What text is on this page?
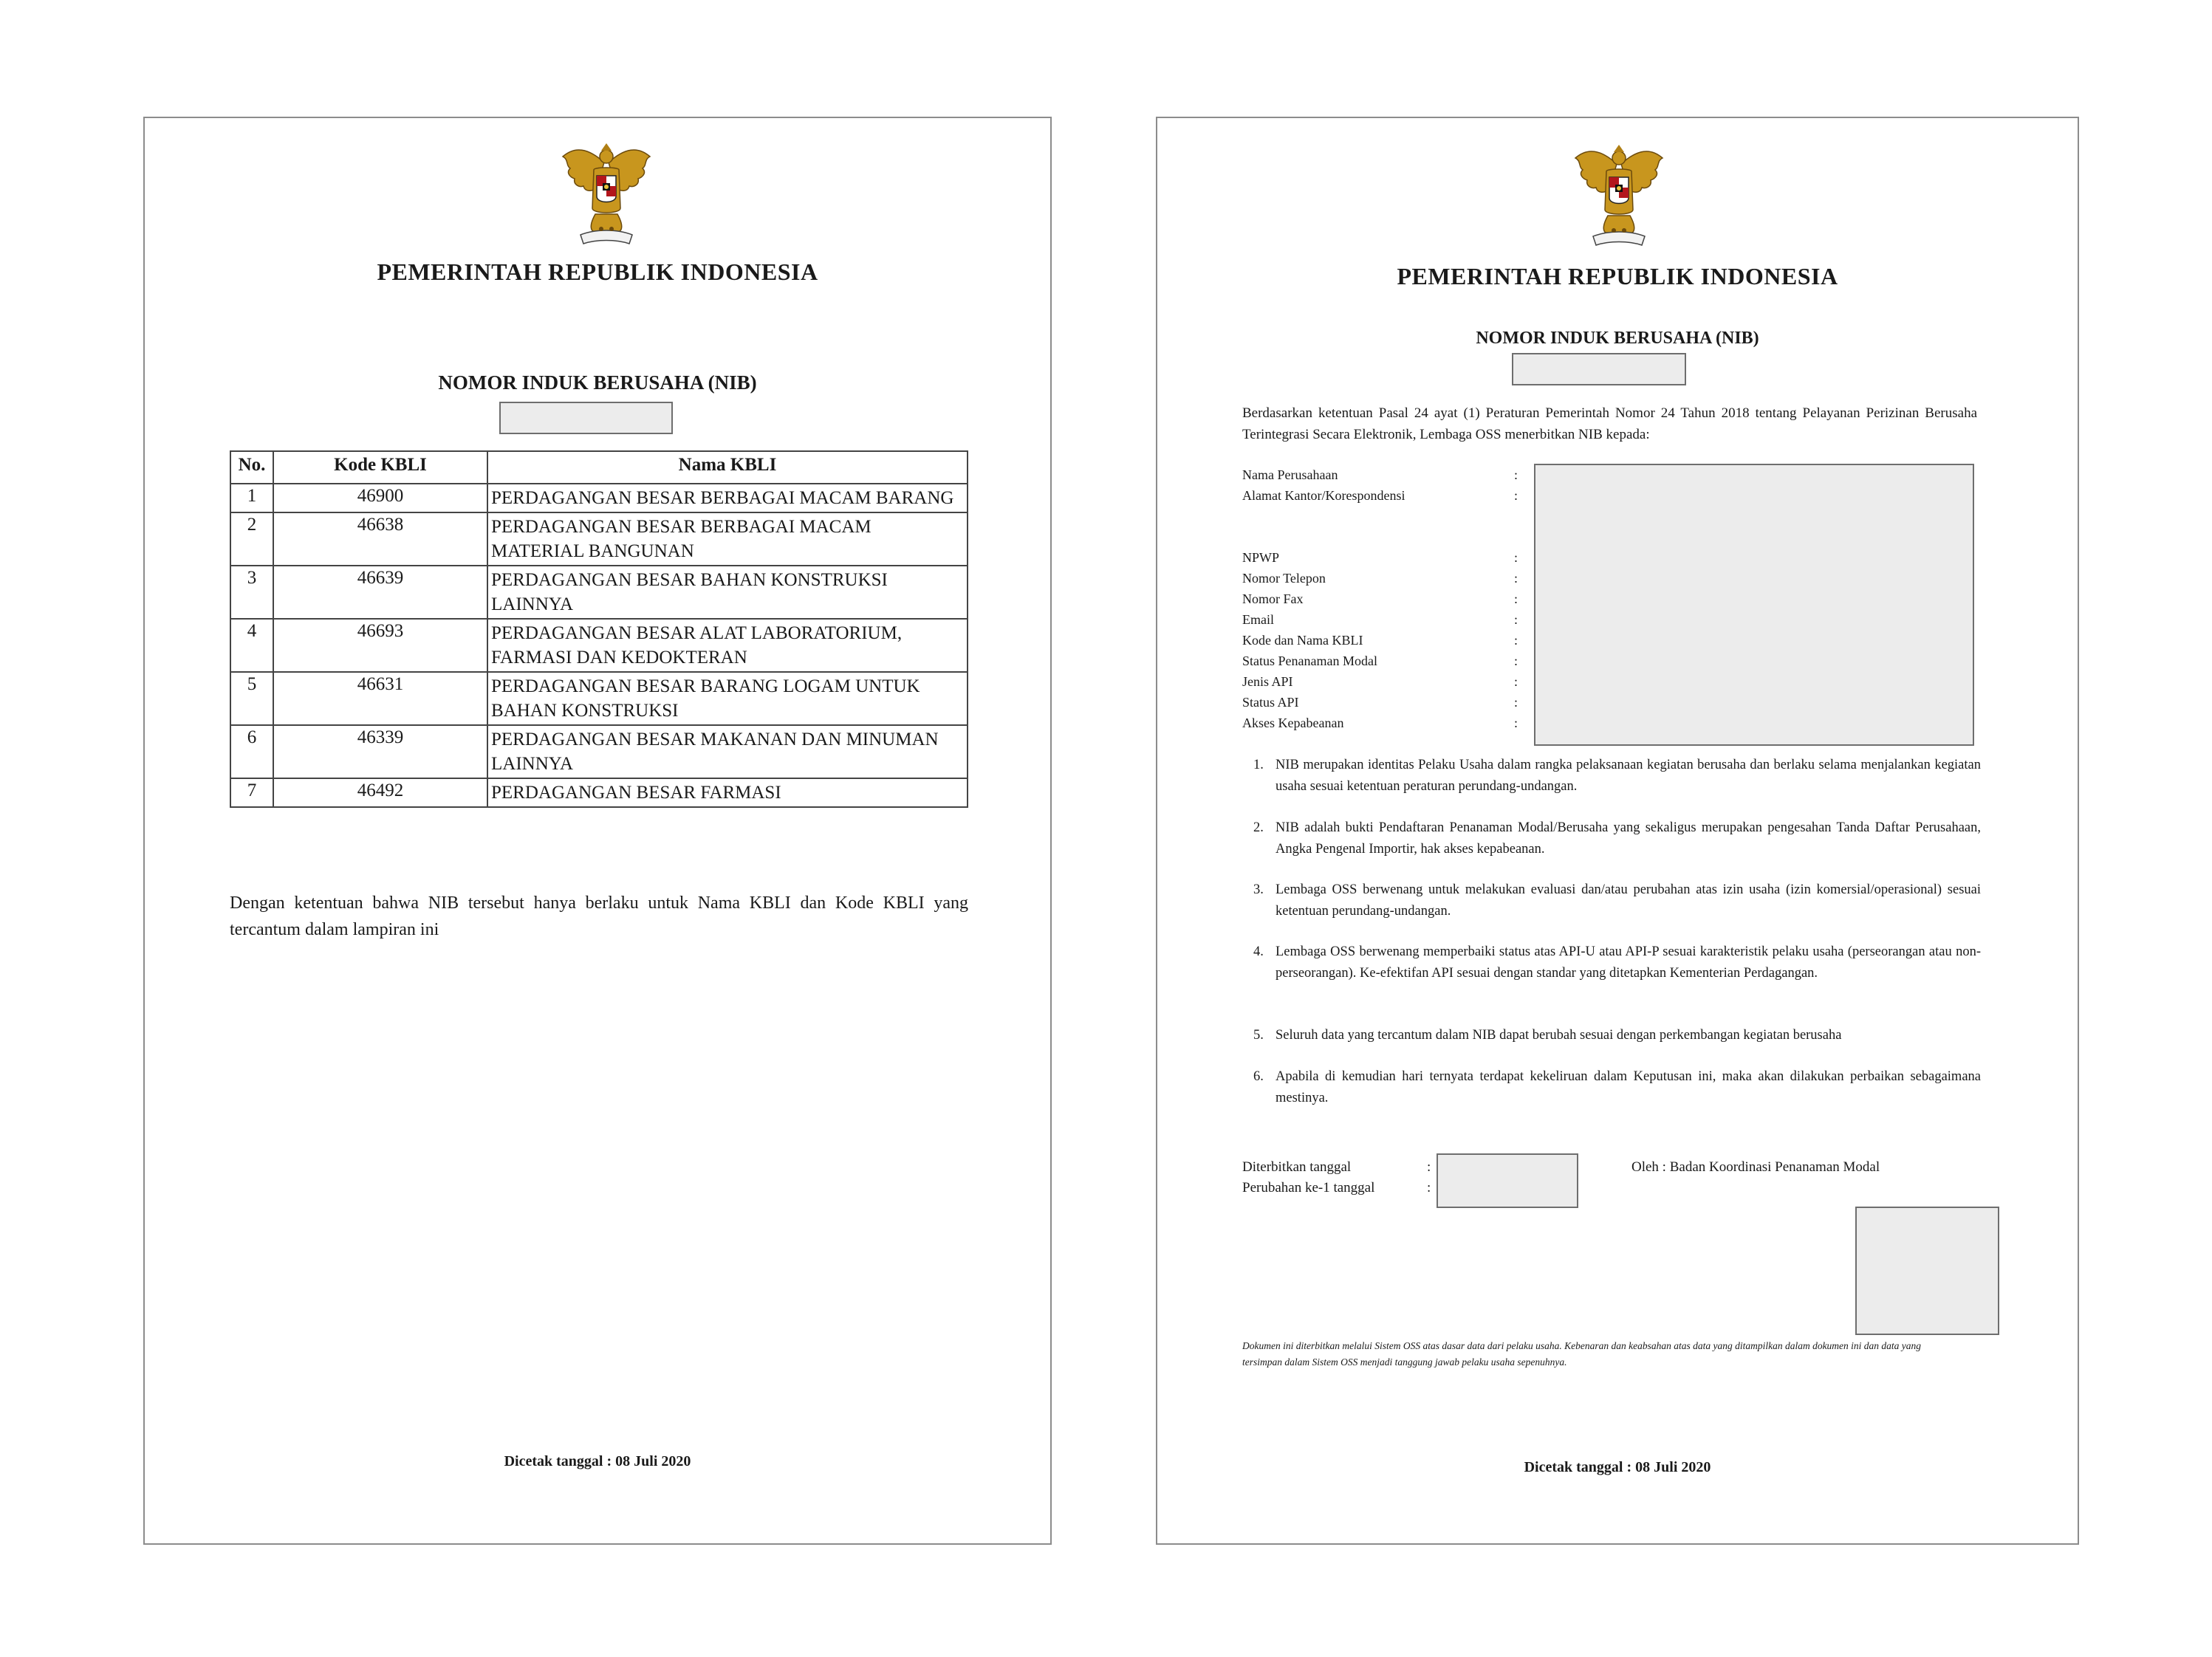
PEMERINTAH REPUBLIK INDONESIA
NOMOR INDUK BERUSAHA (NIB)
No.	Kode KBLI	Nama KBLI
1	46900	PERDAGANGAN BESAR BERBAGAI MACAM BARANG
2	46638	PERDAGANGAN BESAR BERBAGAI MACAM MATERIAL BANGUNAN
3	46639	PERDAGANGAN BESAR BAHAN KONSTRUKSI LAINNYA
4	46693	PERDAGANGAN BESAR ALAT LABORATORIUM, FARMASI DAN KEDOKTERAN
5	46631	PERDAGANGAN BESAR BARANG LOGAM UNTUK BAHAN KONSTRUKSI
6	46339	PERDAGANGAN BESAR MAKANAN DAN MINUMAN LAINNYA
7	46492	PERDAGANGAN BESAR FARMASI
Dengan ketentuan bahwa NIB tersebut hanya berlaku untuk Nama KBLI dan Kode KBLI yang tercantum dalam lampiran ini
Dicetak tanggal : 08 Juli 2020
PEMERINTAH REPUBLIK INDONESIA
NOMOR INDUK BERUSAHA (NIB)
Berdasarkan ketentuan Pasal 24 ayat (1) Peraturan Pemerintah Nomor 24 Tahun 2018 tentang Pelayanan Perizinan Berusaha Terintegrasi Secara Elektronik, Lembaga OSS menerbitkan NIB kepada:
Nama Perusahaan	:
Alamat Kantor/Korespondensi	:
NPWP	:
Nomor Telepon	:
Nomor Fax	:
Email	:
Kode dan Nama KBLI	:
Status Penanaman Modal	:
Jenis API	:
Status API	:
Akses Kepabeanan	:
1. NIB merupakan identitas Pelaku Usaha dalam rangka pelaksanaan kegiatan berusaha dan berlaku selama menjalankan kegiatan usaha sesuai ketentuan peraturan perundang-undangan.
2. NIB adalah bukti Pendaftaran Penanaman Modal/Berusaha yang sekaligus merupakan pengesahan Tanda Daftar Perusahaan, Angka Pengenal Importir, hak akses kepabeanan.
3. Lembaga OSS berwenang untuk melakukan evaluasi dan/atau perubahan atas izin usaha (izin komersial/operasional) sesuai ketentuan perundang-undangan.
4. Lembaga OSS berwenang memperbaiki status atas API-U atau API-P sesuai karakteristik pelaku usaha (perseorangan atau non-perseorangan). Ke-efektifan API sesuai dengan standar yang ditetapkan Kementerian Perdagangan.
5. Seluruh data yang tercantum dalam NIB dapat berubah sesuai dengan perkembangan kegiatan berusaha
6. Apabila di kemudian hari ternyata terdapat kekeliruan dalam Keputusan ini, maka akan dilakukan perbaikan sebagaimana mestinya.
Diterbitkan tanggal	:
Perubahan ke-1 tanggal	:
Oleh : Badan Koordinasi Penanaman Modal
Dokumen ini diterbitkan melalui Sistem OSS atas dasar data dari pelaku usaha. Kebenaran dan keabsahan atas data yang ditampilkan dalam dokumen ini dan data yang tersimpan dalam Sistem OSS menjadi tanggung jawab pelaku usaha sepenuhnya.
Dicetak tanggal : 08 Juli 2020
